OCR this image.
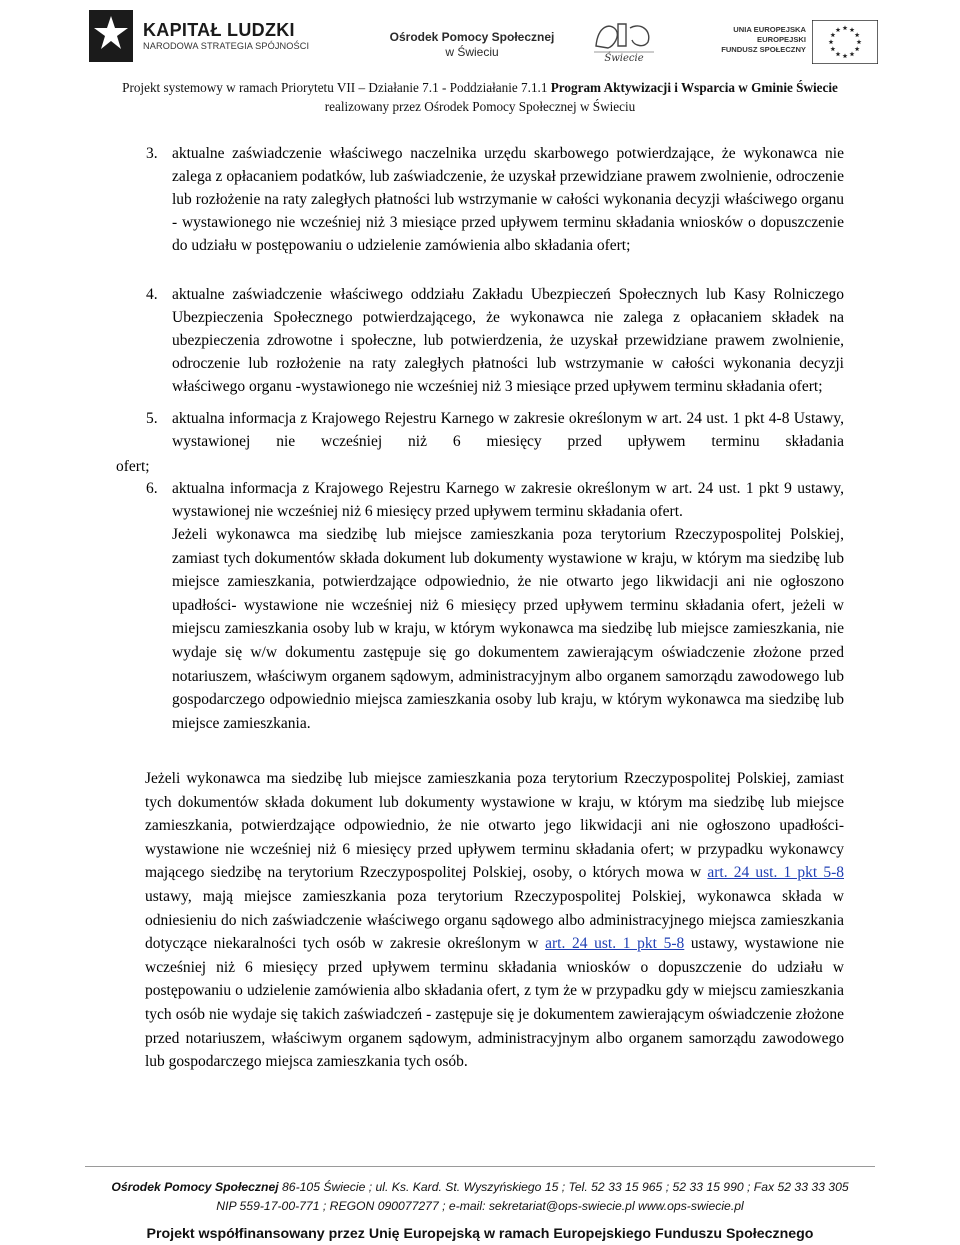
KAPITAŁ LUDZKI
NARODOWA STRATEGIA SPÓJNOŚCI
Ośrodek Pomocy Społecznej
w Świeciu	Świecie
UNIA EUROPEJSKA
EUROPEJSKI
FUNDUSZ SPOŁECZNY
Projekt systemowy w ramach Priorytetu VII – Działanie 7.1 - Poddziałanie 7.1.1 Program Aktywizacji i Wsparcia w Gminie Świecie
realizowany przez Ośrodek Pomocy Społecznej w Świeciu
3. aktualne zaświadczenie właściwego naczelnika urzędu skarbowego potwierdzające, że wykonawca nie zalega z opłacaniem podatków, lub zaświadczenie, że uzyskał przewidziane prawem zwolnienie, odroczenie lub rozłożenie na raty zaległych płatności lub wstrzymanie w całości wykonania decyzji właściwego organu - wystawionego nie wcześniej niż 3 miesiące przed upływem terminu składania wniosków o dopuszczenie do udziału w postępowaniu o udzielenie zamówienia albo składania ofert;
4. aktualne zaświadczenie właściwego oddziału Zakładu Ubezpieczeń Społecznych lub Kasy Rolniczego Ubezpieczenia Społecznego potwierdzającego, że wykonawca nie zalega z opłacaniem składek na ubezpieczenia zdrowotne i społeczne, lub potwierdzenia, że uzyskał przewidziane prawem zwolnienie, odroczenie lub rozłożenie na raty zaległych płatności lub wstrzymanie w całości wykonania decyzji właściwego organu -wystawionego nie wcześniej niż 3 miesiące przed upływem terminu składania ofert;
5. aktualna informacja z Krajowego Rejestru Karnego w zakresie określonym w art. 24 ust. 1 pkt 4-8 Ustawy, wystawionej nie wcześniej niż 6 miesięcy przed upływem terminu składania
ofert;
6. aktualna informacja z Krajowego Rejestru Karnego w zakresie określonym w art. 24 ust. 1 pkt 9 ustawy, wystawionej nie wcześniej niż 6 miesięcy przed upływem terminu składania ofert.
Jeżeli wykonawca ma siedzibę lub miejsce zamieszkania poza terytorium Rzeczypospolitej Polskiej, zamiast tych dokumentów składa dokument lub dokumenty wystawione w kraju, w którym ma siedzibę lub miejsce zamieszkania, potwierdzające odpowiednio, że nie otwarto jego likwidacji ani nie ogłoszono upadłości- wystawione nie wcześniej niż 6 miesięcy przed upływem terminu składania ofert, jeżeli w miejscu zamieszkania osoby lub w kraju, w którym wykonawca ma siedzibę lub miejsce zamieszkania, nie wydaje się w/w dokumentu zastępuje się go dokumentem zawierającym oświadczenie złożone przed notariuszem, właściwym organem sądowym, administracyjnym albo organem samorządu zawodowego lub gospodarczego odpowiednio miejsca zamieszkania osoby lub kraju, w którym wykonawca ma siedzibę lub miejsce zamieszkania.
Jeżeli wykonawca ma siedzibę lub miejsce zamieszkania poza terytorium Rzeczypospolitej Polskiej, zamiast tych dokumentów składa dokument lub dokumenty wystawione w kraju, w którym ma siedzibę lub miejsce zamieszkania, potwierdzające odpowiednio, że nie otwarto jego likwidacji ani nie ogłoszono upadłości- wystawione nie wcześniej niż 6 miesięcy przed upływem terminu składania ofert; w przypadku wykonawcy mającego siedzibę na terytorium Rzeczypospolitej Polskiej, osoby, o których mowa w art. 24 ust. 1 pkt 5-8 ustawy, mają miejsce zamieszkania poza terytorium Rzeczypospolitej Polskiej, wykonawca składa w odniesieniu do nich zaświadczenie właściwego organu sądowego albo administracyjnego miejsca zamieszkania dotyczące niekaralności tych osób w zakresie określonym w art. 24 ust. 1 pkt 5-8 ustawy, wystawione nie wcześniej niż 6 miesięcy przed upływem terminu składania wniosków o dopuszczenie do udziału w postępowaniu o udzielenie zamówienia albo składania ofert, z tym że w przypadku gdy w miejscu zamieszkania tych osób nie wydaje się takich zaświadczeń - zastępuje się je dokumentem zawierającym oświadczenie złożone przed notariuszem, właściwym organem sądowym, administracyjnym albo organem samorządu zawodowego lub gospodarczego miejsca zamieszkania tych osób.
Ośrodek Pomocy Społecznej 86-105 Świecie ; ul. Ks. Kard. St. Wyszyńskiego 15 ; Tel. 52 33 15 965 ; 52 33 15 990 ; Fax 52 33 33 305
NIP 559-17-00-771 ; REGON 090077277 ; e-mail: sekretariat@ops-swiecie.pl www.ops-swiecie.pl
Projekt współfinansowany przez Unię Europejską w ramach Europejskiego Funduszu Społecznego
